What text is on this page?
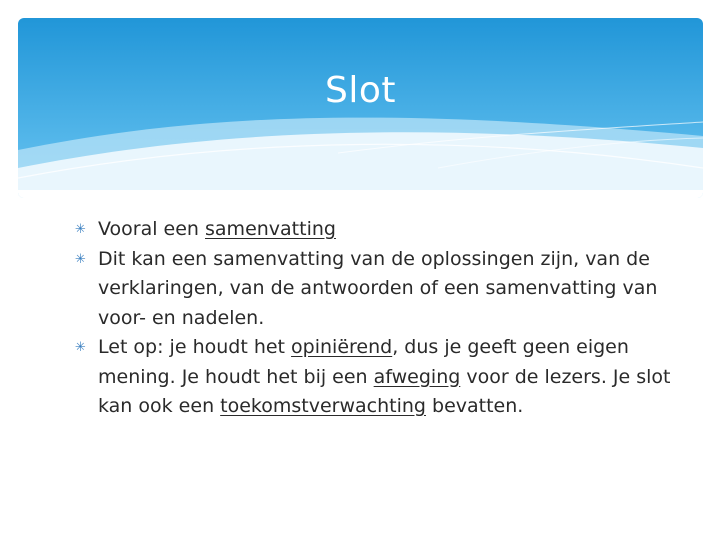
Slot
✳ Vooral een samenvatting
✳ Dit kan een samenvatting van de oplossingen zijn, van de verklaringen, van de antwoorden of een samenvatting van voor- en nadelen.
✳ Let op: je houdt het opiniërend, dus je geeft geen eigen mening. Je houdt het bij een afweging voor de lezers. Je slot kan ook een toekomstverwachting bevatten.
